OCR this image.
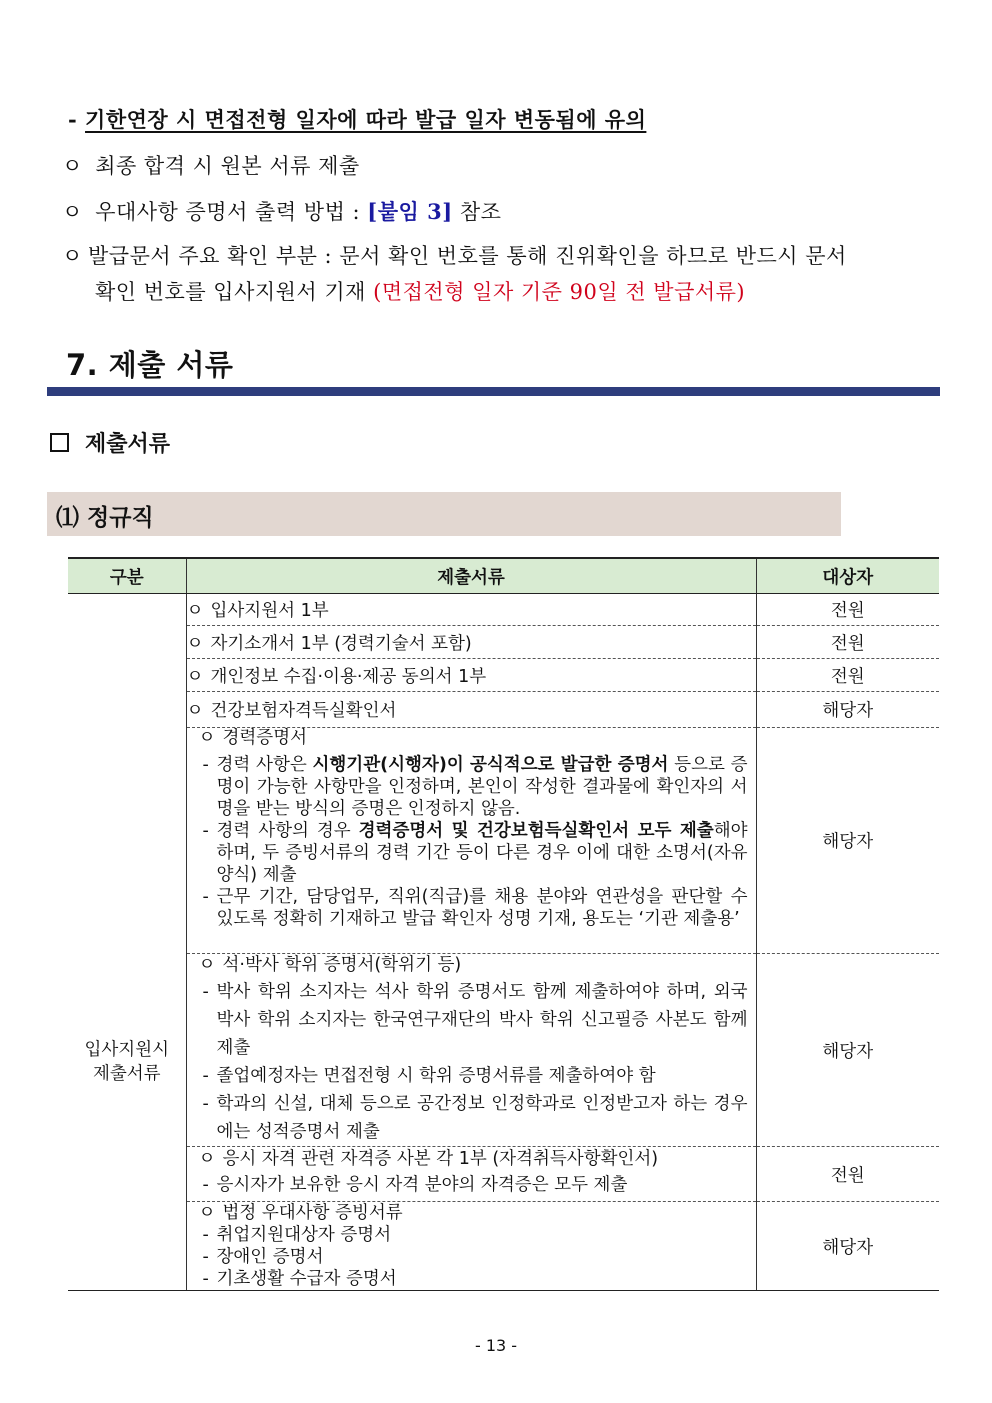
- 기한연장 시 면접전형 일자에 따라 발급 일자 변동됨에 유의
ㅇ 최종 합격 시 원본 서류 제출
ㅇ 우대사항 증명서 출력 방법 : [붙임 3] 참조
ㅇ 발급문서 주요 확인 부분 : 문서 확인 번호를 통해 진위확인을 하므로 반드시 문서
확인 번호를 입사지원서 기재 (면접전형 일자 기준 90일 전 발급서류)
7. 제출 서류
제출서류
⑴ 정규직
구분	제출서류	대상자

입사지원시
제출서류	ㅇ 입사지원서 1부	전원
	ㅇ 자기소개서 1부 (경력기술서 포함)	전원
	ㅇ 개인정보 수집·이용·제공 동의서 1부	전원
	ㅇ 건강보험자격득실확인서	해당자

	ㅇ 경력증명서
- 경력 사항은 시행기관(시행자)이 공식적으로 발급한 증명서 등으로 증명이 가능한 사항만을 인정하며, 본인이 작성한 결과물에 확인자의 서명을 받는 방식의 증명은 인정하지 않음.
- 경력 사항의 경우 경력증명서 및 건강보험득실확인서 모두 제출해야 하며, 두 증빙서류의 경력 기간 등이 다른 경우 이에 대한 소명서(자유 양식) 제출
- 근무 기간, 담당업무, 직위(직급)를 채용 분야와 연관성을 판단할 수 있도록 정확히 기재하고 발급 확인자 성명 기재, 용도는 ‘기관 제출용’	해당자

	ㅇ 석·박사 학위 증명서(학위기 등)
- 박사 학위 소지자는 석사 학위 증명서도 함께 제출하여야 하며, 외국 박사 학위 소지자는 한국연구재단의 박사 학위 신고필증 사본도 함께 제출
- 졸업예정자는 면접전형 시 학위 증명서류를 제출하여야 함
- 학과의 신설, 대체 등으로 공간정보 인정학과로 인정받고자 하는 경우에는 성적증명서 제출	해당자

	ㅇ 응시 자격 관련 자격증 사본 각 1부 (자격취득사항확인서)
- 응시자가 보유한 응시 자격 분야의 자격증은 모두 제출	전원

	ㅇ 법정 우대사항 증빙서류
- 취업지원대상자 증명서
- 장애인 증명서
- 기초생활 수급자 증명서	해당자
- 13 -
